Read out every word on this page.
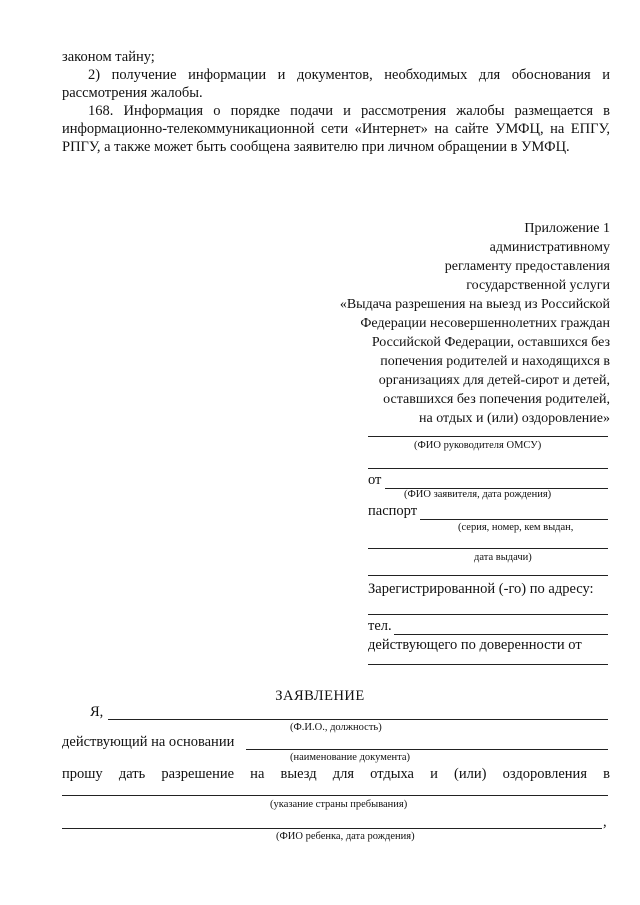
законом тайну;
2) получение информации и документов, необходимых для обоснования и рассмотрения жалобы.
168. Информация о порядке подачи и рассмотрения жалобы размещается в информационно-телекоммуникационной сети «Интернет» на сайте УМФЦ, на ЕПГУ, РПГУ, а также может быть сообщена заявителю при личном обращении в УМФЦ.
Приложение 1
административному
регламенту предоставления
государственной услуги
«Выдача разрешения на выезд из Российской
Федерации несовершеннолетних граждан
Российской Федерации, оставшихся без
попечения родителей и находящихся в
организациях для детей-сирот и детей,
оставшихся без попечения родителей,
на отдых и (или) оздоровление»
(ФИО руководителя ОМСУ)
от
(ФИО заявителя, дата рождения)
паспорт
(серия, номер, кем выдан,
дата выдачи)
Зарегистрированной (-го) по адресу:
тел.
действующего по доверенности от
ЗАЯВЛЕНИЕ
Я,
(Ф.И.О., должность)
действующий на основании
(наименование документа)
прошу дать разрешение на выезд для отдыха и (или) оздоровления в
(указание страны пребывания)
,
(ФИО ребенка, дата рождения)
